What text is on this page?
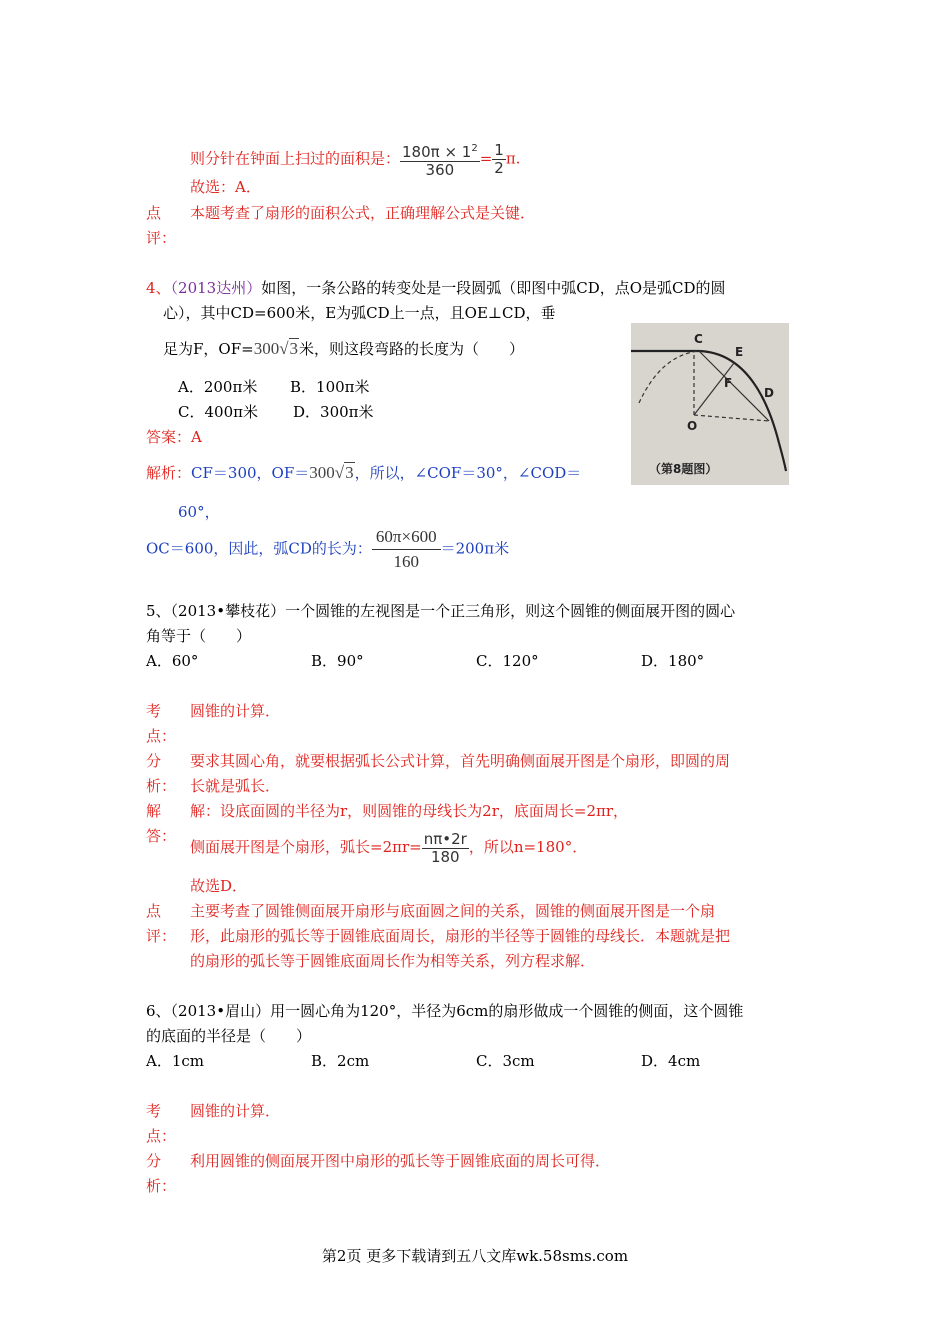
则分针在钟面上扫过的面积是： $\frac{180\pi \times 1^2}{360} = \frac{1}{2} \pi$.
故选：A．
点
评：
本题考查了扇形的面积公式，正确理解公式是关键．
4、（2013达州）如图，一条公路的转变处是一段圆弧（即图中弧CD，点O是弧CD的圆
心），其中CD=600米，E为弧CD上一点，且OE⊥CD，垂
足为F，OF=300√3米，则这段弯路的长度为（　　）
A．200π米 B．100π米
C．400π米 D．300π米
答案：A
解析：CF＝300，OF＝300√3，所以，∠COF＝30°，∠COD＝
60°，
OC＝600，因此，弧CD的长为： $\frac{60\pi\times 600}{160} =200\pi$米
C
E
F
D
O
（第8题图）
5、（2013•攀枝花）一个圆锥的左视图是一个正三角形，则这个圆锥的侧面展开图的圆心
角等于（　　）
A．60°	B．90°	C．120°	D．180°
考
点：
圆锥的计算．
分
析：
要求其圆心角，就要根据弧长公式计算，首先明确侧面展开图是个扇形，即圆的周
长就是弧长．
解
答：
解：设底面圆的半径为r，则圆锥的母线长为2r，底面周长=2πr，
侧面展开图是个扇形，弧长$=2\pi r= \frac{n\pi•2r}{180}$ ，所以n=180°．
故选D．
点
评：
主要考查了圆锥侧面展开扇形与底面圆之间的关系，圆锥的侧面展开图是一个扇
形，此扇形的弧长等于圆锥底面周长，扇形的半径等于圆锥的母线长．本题就是把
的扇形的弧长等于圆锥底面周长作为相等关系，列方程求解．
6、（2013•眉山）用一圆心角为120°，半径为6cm的扇形做成一个圆锥的侧面，这个圆锥
的底面的半径是（　　）
A．1cm	B．2cm	C．3cm	D．4cm
考
点：
圆锥的计算．
分
析：
利用圆锥的侧面展开图中扇形的弧长等于圆锥底面的周长可得．
第2页 更多下载请到五八文库wk.58sms.com
